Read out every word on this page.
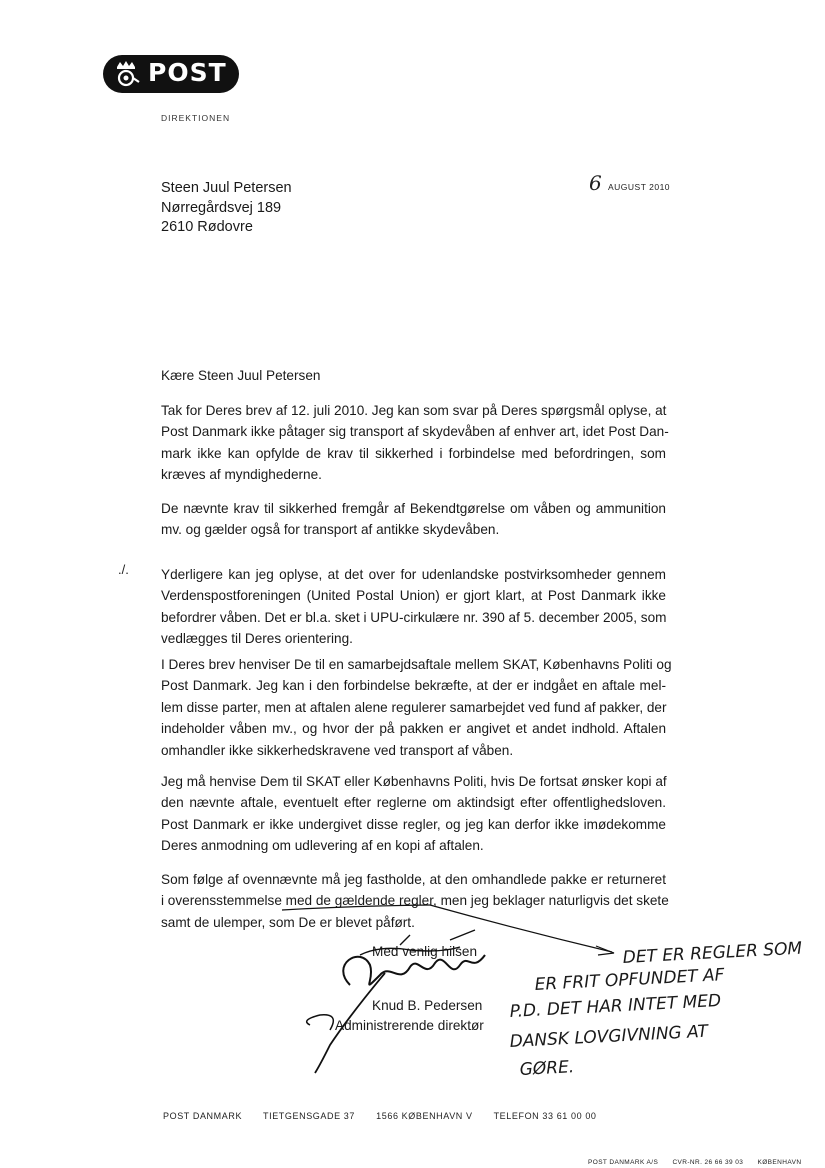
POST
DIREKTIONEN
Steen Juul Petersen
Nørregårdsvej 189
2610 Rødovre
6 AUGUST 2010
Kære Steen Juul Petersen
./.
Tak for Deres brev af 12. juli 2010. Jeg kan som svar på Deres spørgsmål oplyse, at
Post Danmark ikke påtager sig transport af skydevåben af enhver art, idet Post Dan-
mark ikke kan opfylde de krav til sikkerhed i forbindelse med befordringen, som
kræves af myndighederne.
De nævnte krav til sikkerhed fremgår af Bekendtgørelse om våben og ammunition
mv. og gælder også for transport af antikke skydevåben.
Yderligere kan jeg oplyse, at det over for udenlandske postvirksomheder gennem
Verdenspostforeningen (United Postal Union) er gjort klart, at Post Danmark ikke
befordrer våben. Det er bl.a. sket i UPU-cirkulære nr. 390 af 5. december 2005, som
vedlægges til Deres orientering.
I Deres brev henviser De til en samarbejdsaftale mellem SKAT, Københavns Politi og
Post Danmark. Jeg kan i den forbindelse bekræfte, at der er indgået en aftale mel-
lem disse parter, men at aftalen alene regulerer samarbejdet ved fund af pakker, der
indeholder våben mv., og hvor der på pakken er angivet et andet indhold. Aftalen
omhandler ikke sikkerhedskravene ved transport af våben.
Jeg må henvise Dem til SKAT eller Københavns Politi, hvis De fortsat ønsker kopi af
den nævnte aftale, eventuelt efter reglerne om aktindsigt efter offentlighedsloven.
Post Danmark er ikke undergivet disse regler, og jeg kan derfor ikke imødekomme
Deres anmodning om udlevering af en kopi af aftalen.
Som følge af ovennævnte må jeg fastholde, at den omhandlede pakke er returneret
i overensstemmelse med de gældende regler, men jeg beklager naturligvis det skete
samt de ulemper, som De er blevet påført.
Med venlig hilsen
Knud B. Pedersen
Administrerende direktør
DET ER REGLER SOM
ER FRIT OPFUNDET AF
P.D. DET HAR INTET MED
DANSK LOVGIVNING AT
GØRE.
POST DANMARK TIETGENSGADE 37 1566 KØBENHAVN V TELEFON 33 61 00 00
POST DANMARK A/S CVR-NR. 26 66 39 03 KØBENHAVN
